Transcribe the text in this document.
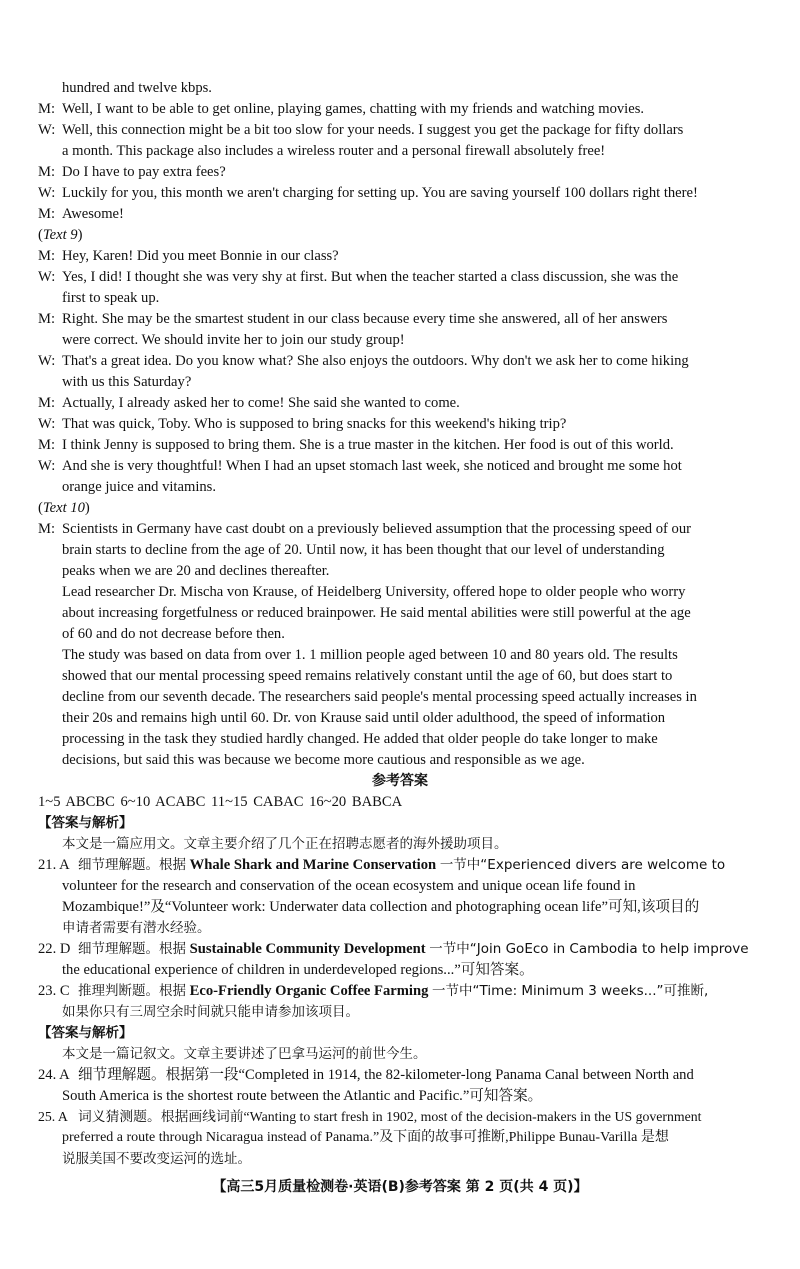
hundred and twelve kbps.
M: Well, I want to be able to get online, playing games, chatting with my friends and watching movies.
W: Well, this connection might be a bit too slow for your needs. I suggest you get the package for fifty dollars
a month. This package also includes a wireless router and a personal firewall absolutely free!
M: Do I have to pay extra fees?
W: Luckily for you, this month we aren't charging for setting up. You are saving yourself 100 dollars right there!
M: Awesome!
(Text 9)
M: Hey, Karen! Did you meet Bonnie in our class?
W: Yes, I did! I thought she was very shy at first. But when the teacher started a class discussion, she was the
first to speak up.
M: Right. She may be the smartest student in our class because every time she answered, all of her answers
were correct. We should invite her to join our study group!
W: That's a great idea. Do you know what? She also enjoys the outdoors. Why don't we ask her to come hiking
with us this Saturday?
M: Actually, I already asked her to come! She said she wanted to come.
W: That was quick, Toby. Who is supposed to bring snacks for this weekend's hiking trip?
M: I think Jenny is supposed to bring them. She is a true master in the kitchen. Her food is out of this world.
W: And she is very thoughtful! When I had an upset stomach last week, she noticed and brought me some hot
orange juice and vitamins.
(Text 10)
M: Scientists in Germany have cast doubt on a previously believed assumption that the processing speed of our
brain starts to decline from the age of 20. Until now, it has been thought that our level of understanding
peaks when we are 20 and declines thereafter.
Lead researcher Dr. Mischa von Krause, of Heidelberg University, offered hope to older people who worry
about increasing forgetfulness or reduced brainpower. He said mental abilities were still powerful at the age
of 60 and do not decrease before then.
The study was based on data from over 1. 1 million people aged between 10 and 80 years old. The results
showed that our mental processing speed remains relatively constant until the age of 60, but does start to
decline from our seventh decade. The researchers said people's mental processing speed actually increases in
their 20s and remains high until 60. Dr. von Krause said until older adulthood, the speed of information
processing in the task they studied hardly changed. He added that older people do take longer to make
decisions, but said this was because we become more cautious and responsible as we age.
参考答案
1~5 ABCBC 6~10 ACABC 11~15 CABAC 16~20 BABCA
【答案与解析】
本文是一篇应用文。文章主要介绍了几个正在招聘志愿者的海外援助项目。
21. A 细节理解题。根据 Whale Shark and Marine Conservation 一节中“Experienced divers are welcome to
volunteer for the research and conservation of the ocean ecosystem and unique ocean life found in
Mozambique!”及“Volunteer work: Underwater data collection and photographing ocean life”可知,该项目的
申请者需要有潜水经验。
22. D 细节理解题。根据 Sustainable Community Development 一节中“Join GoEco in Cambodia to help improve
the educational experience of children in underdeveloped regions...”可知答案。
23. C 推理判断题。根据 Eco-Friendly Organic Coffee Farming 一节中“Time: Minimum 3 weeks...”可推断,
如果你只有三周空余时间就只能申请参加该项目。
【答案与解析】
本文是一篇记叙文。文章主要讲述了巴拿马运河的前世今生。
24. A 细节理解题。根据第一段“Completed in 1914, the 82-kilometer-long Panama Canal between North and
South America is the shortest route between the Atlantic and Pacific.”可知答案。
25. A 词义猜测题。根据画线词前“Wanting to start fresh in 1902, most of the decision-makers in the US government
preferred a route through Nicaragua instead of Panama.”及下面的故事可推断,Philippe Bunau-Varilla 是想
说服美国不要改变运河的选址。
【高三5月质量检测卷·英语(B)参考答案 第 2 页(共 4 页)】
